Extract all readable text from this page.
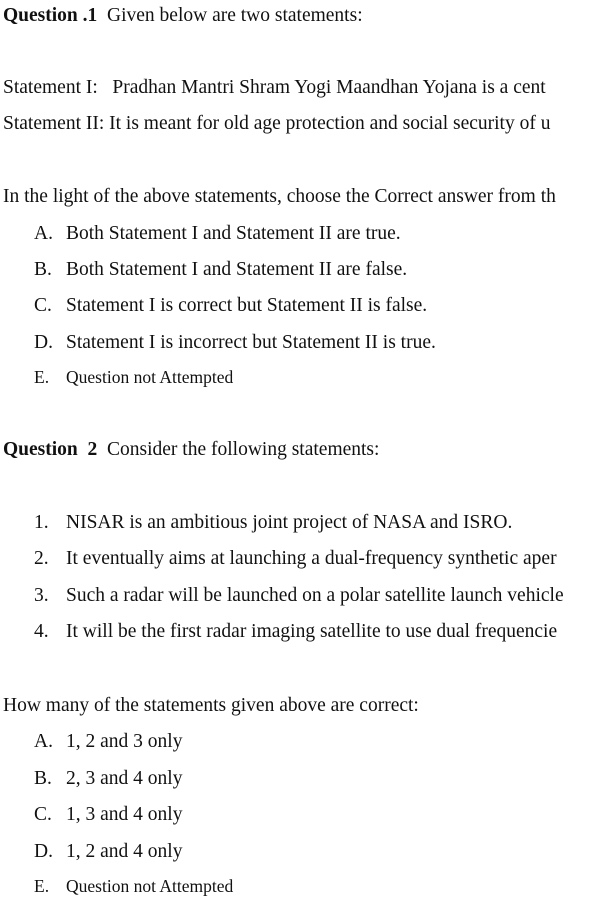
Question .1 Given below are two statements:
Statement I: Pradhan Mantri Shram Yogi Maandhan Yojana is a cent
Statement II: It is meant for old age protection and social security of u
In the light of the above statements, choose the Correct answer from th
A. Both Statement I and Statement II are true.
B. Both Statement I and Statement II are false.
C. Statement I is correct but Statement II is false.
D. Statement I is incorrect but Statement II is true.
E. Question not Attempted
Question  2 Consider the following statements:
1. NISAR is an ambitious joint project of NASA and ISRO.
2. It eventually aims at launching a dual-frequency synthetic aper
3. Such a radar will be launched on a polar satellite launch vehicle
4. It will be the first radar imaging satellite to use dual frequencie
How many of the statements given above are correct:
A. 1, 2 and 3 only
B. 2, 3 and 4 only
C. 1, 3 and 4 only
D. 1, 2 and 4 only
E. Question not Attempted
